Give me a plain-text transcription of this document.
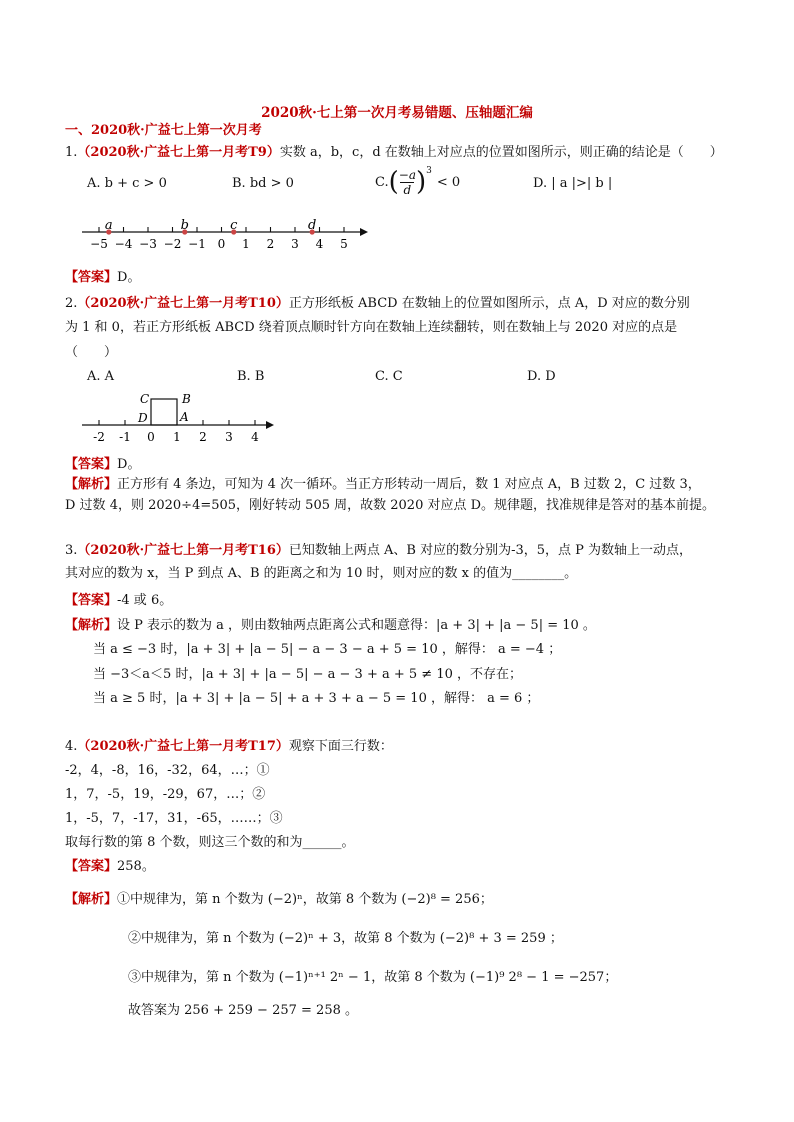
2020秋·七上第一次月考易错题、压轴题汇编
一、2020秋·广益七上第一次月考
1.（2020秋·广益七上第一月考T9）实数 a，b，c，d 在数轴上对应点的位置如图所示，则正确的结论是（　　）
A. b + c > 0	B. bd > 0	C. ( −a
d )$^3$
< 0	D. | a |>| b |
−5 −4 −3 −2 −1 0 1 2 3 4 5
a	b	c	d
【答案】D。
2.（2020秋·广益七上第一月考T10）正方形纸板 ABCD 在数轴上的位置如图所示，点 A，D 对应的数分别
为 1 和 0，若正方形纸板 ABCD 绕着顶点顺时针方向在数轴上连续翻转，则在数轴上与 2020 对应的点是
（　　）
A. A	B. B	C. C	D. D
-2 -1 0 1 2 3 4
C	B
D	A
【答案】D。
【解析】正方形有 4 条边，可知为 4 次一循环。当正方形转动一周后，数 1 对应点 A，B 过数 2，C 过数 3，
D 过数 4，则 2020÷4=505，刚好转动 505 周，故数 2020 对应点 D。规律题，找准规律是答对的基本前提。
3.（2020秋·广益七上第一月考T16）已知数轴上两点 A、B 对应的数分别为-3，5，点 P 为数轴上一动点，
其对应的数为 x，当 P 到点 A、B 的距离之和为 10 时，则对应的数 x 的值为________。
【答案】-4 或 6。
【解析】设 P 表示的数为 a ，则由数轴两点距离公式和题意得：|a + 3| + |a − 5| = 10 。
当 a ≤ −3 时，|a + 3| + |a − 5| − a − 3 − a + 5 = 10 ，解得： a = −4 ；
当 −3＜a＜5 时，|a + 3| + |a − 5| − a − 3 + a + 5 ≠ 10 ，不存在；
当 a ≥ 5 时，|a + 3| + |a − 5| + a + 3 + a − 5 = 10 ，解得： a = 6 ；
4.（2020秋·广益七上第一月考T17）观察下面三行数：
-2，4，-8，16，-32，64，…；①
1，7，-5，19，-29，67，…；②
1，-5，7，-17，31，-65，……；③
取每行数的第 8 个数，则这三个数的和为______。
【答案】258。
【解析】①中规律为，第 n 个数为 (−2)ⁿ，故第 8 个数为 (−2)⁸ = 256；
②中规律为，第 n 个数为 (−2)ⁿ + 3，故第 8 个数为 (−2)⁸ + 3 = 259 ；
③中规律为，第 n 个数为 (−1)ⁿ⁺¹ 2ⁿ − 1，故第 8 个数为 (−1)⁹ 2⁸ − 1 = −257；
故答案为 256 + 259 − 257 = 258 。
